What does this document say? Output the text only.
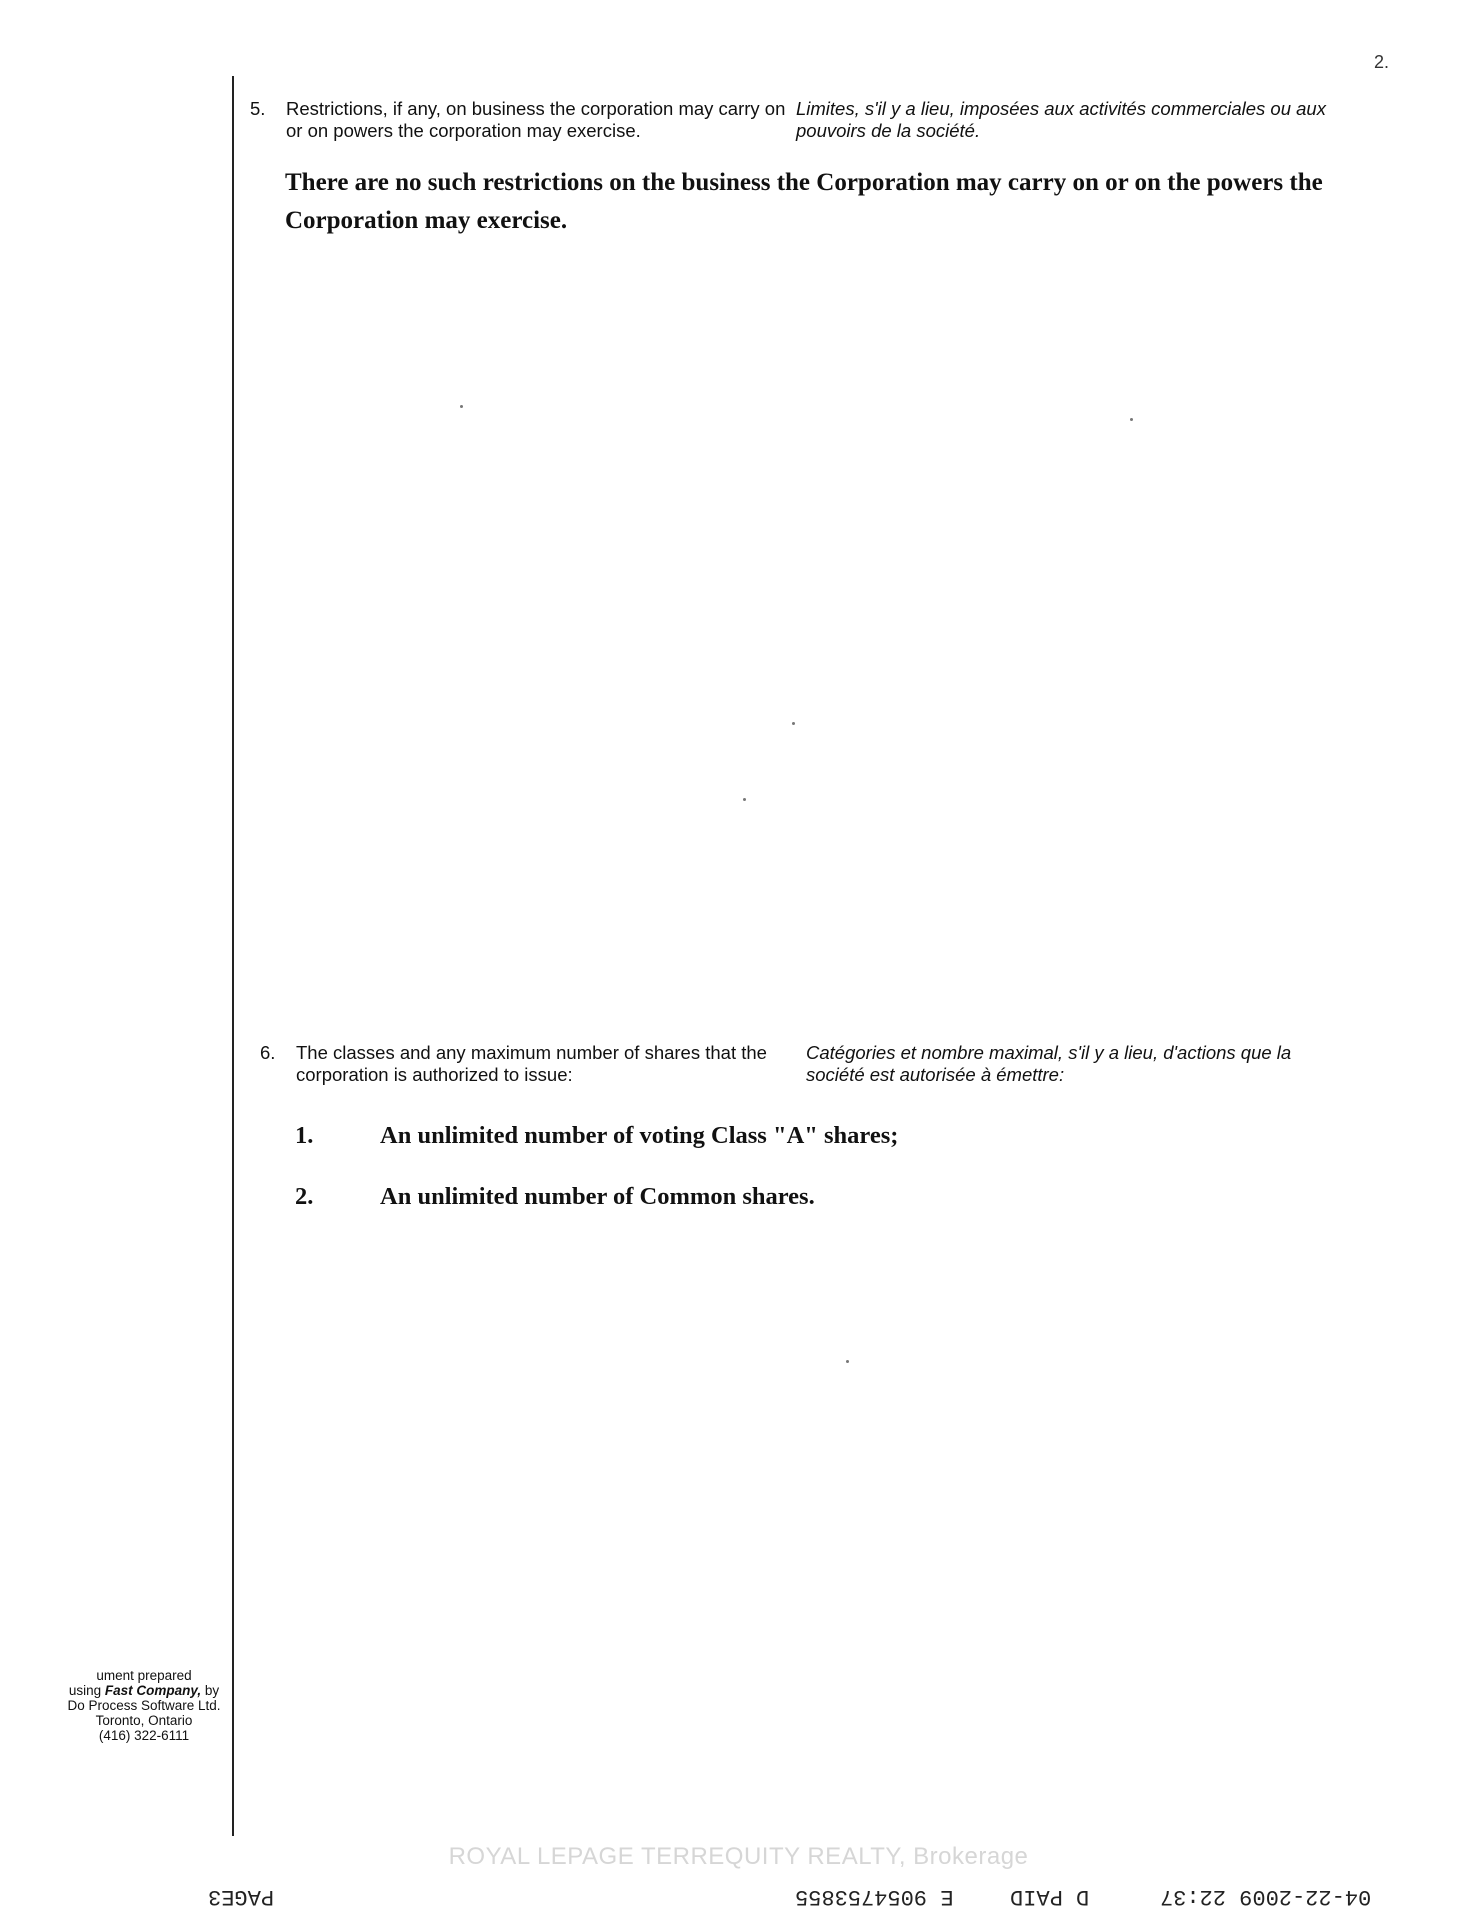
2.
5.	Restrictions, if any, on business the corporation may carry on or on powers the corporation may exercise.
Limites, s'il y a lieu, imposées aux activités commerciales ou aux pouvoirs de la société.
There are no such restrictions on the business the Corporation may carry on or on the powers the Corporation may exercise.
6.	The classes and any maximum number of shares that the corporation is authorized to issue:
Catégories et nombre maximal, s'il y a lieu, d'actions que la société est autorisée à émettre:
1.	An unlimited number of voting Class "A" shares;
2.	An unlimited number of Common shares.
ument prepared
using Fast Company, by
Do Process Software Ltd.
Toronto, Ontario
(416) 322-6111
ROYAL LEPAGE TERREQUITY REALTY, Brokerage
PAGE3	E 9054753855	D PAID	04-22-2009 22:37
